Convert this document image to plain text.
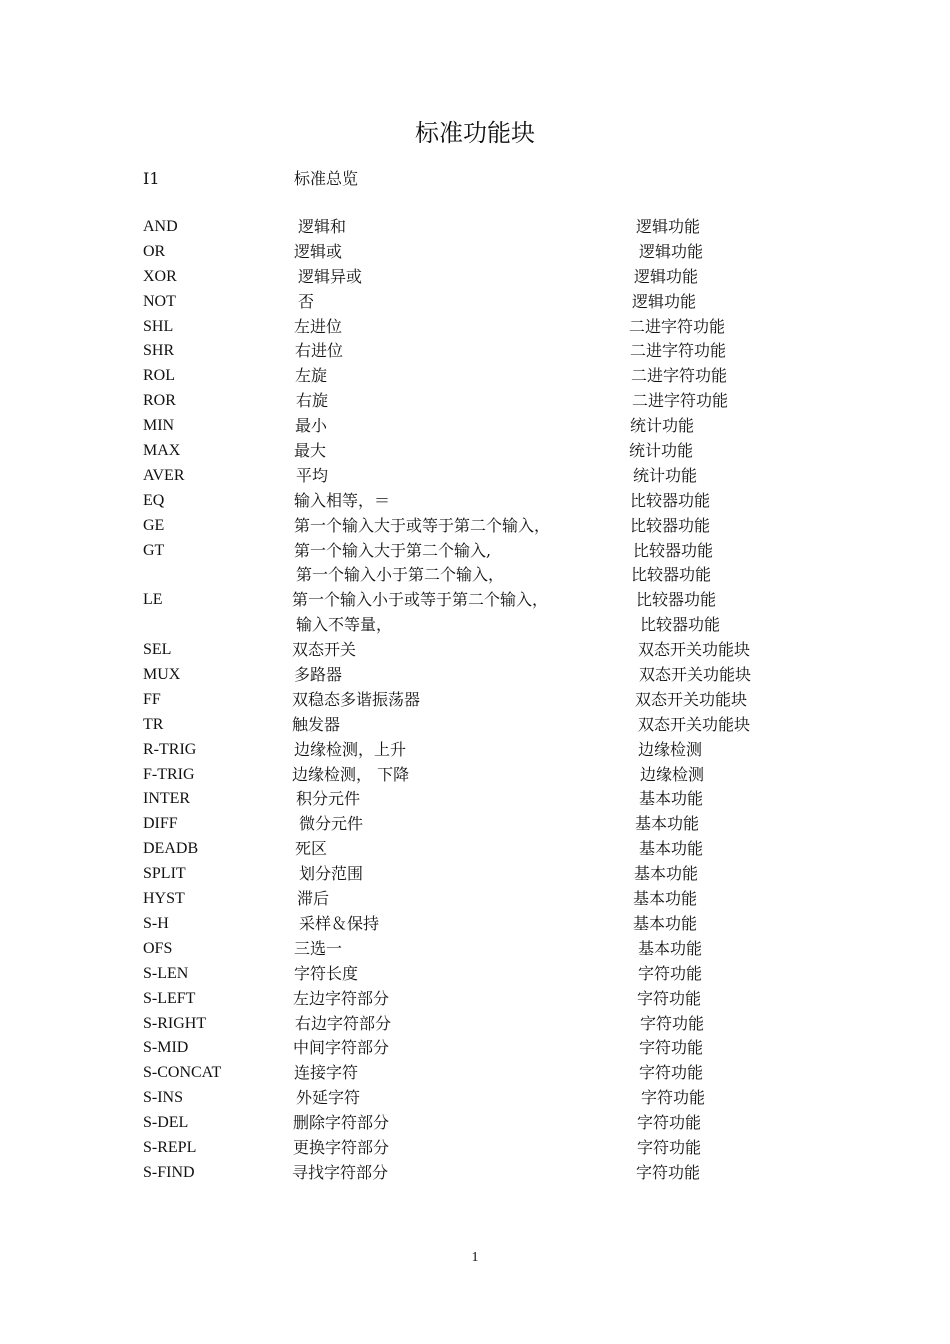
标准功能块
I1	标准总览
AND	逻辑和	逻辑功能
OR	逻辑或	逻辑功能
XOR	逻辑异或	逻辑功能
NOT	否	逻辑功能
SHL	左进位	二进字符功能
SHR	右进位	二进字符功能
ROL	左旋	二进字符功能
ROR	右旋	二进字符功能
MIN	最小	统计功能
MAX	最大	统计功能
AVER	平均	统计功能
EQ	输入相等，＝	比较器功能
GE	第一个输入大于或等于第二个输入，	比较器功能
GT	第一个输入大于第二个输入,	比较器功能
第一个输入小于第二个输入，	比较器功能
LE	第一个输入小于或等于第二个输入，	比较器功能
输入不等量，	比较器功能
SEL	双态开关	双态开关功能块
MUX	多路器	双态开关功能块
FF	双稳态多谐振荡器	双态开关功能块
TR	触发器	双态开关功能块
R-TRIG	边缘检测，上升	边缘检测
F-TRIG	边缘检测， 下降	边缘检测
INTER	积分元件	基本功能
DIFF	微分元件	基本功能
DEADB	死区	基本功能
SPLIT	划分范围	基本功能
HYST	滞后	基本功能
S-H	采样＆保持	基本功能
OFS	三选一	基本功能
S-LEN	字符长度	字符功能
S-LEFT	左边字符部分	字符功能
S-RIGHT	右边字符部分	字符功能
S-MID	中间字符部分	字符功能
S-CONCAT	连接字符	字符功能
S-INS	外延字符	字符功能
S-DEL	删除字符部分	字符功能
S-REPL	更换字符部分	字符功能
S-FIND	寻找字符部分	字符功能
1
